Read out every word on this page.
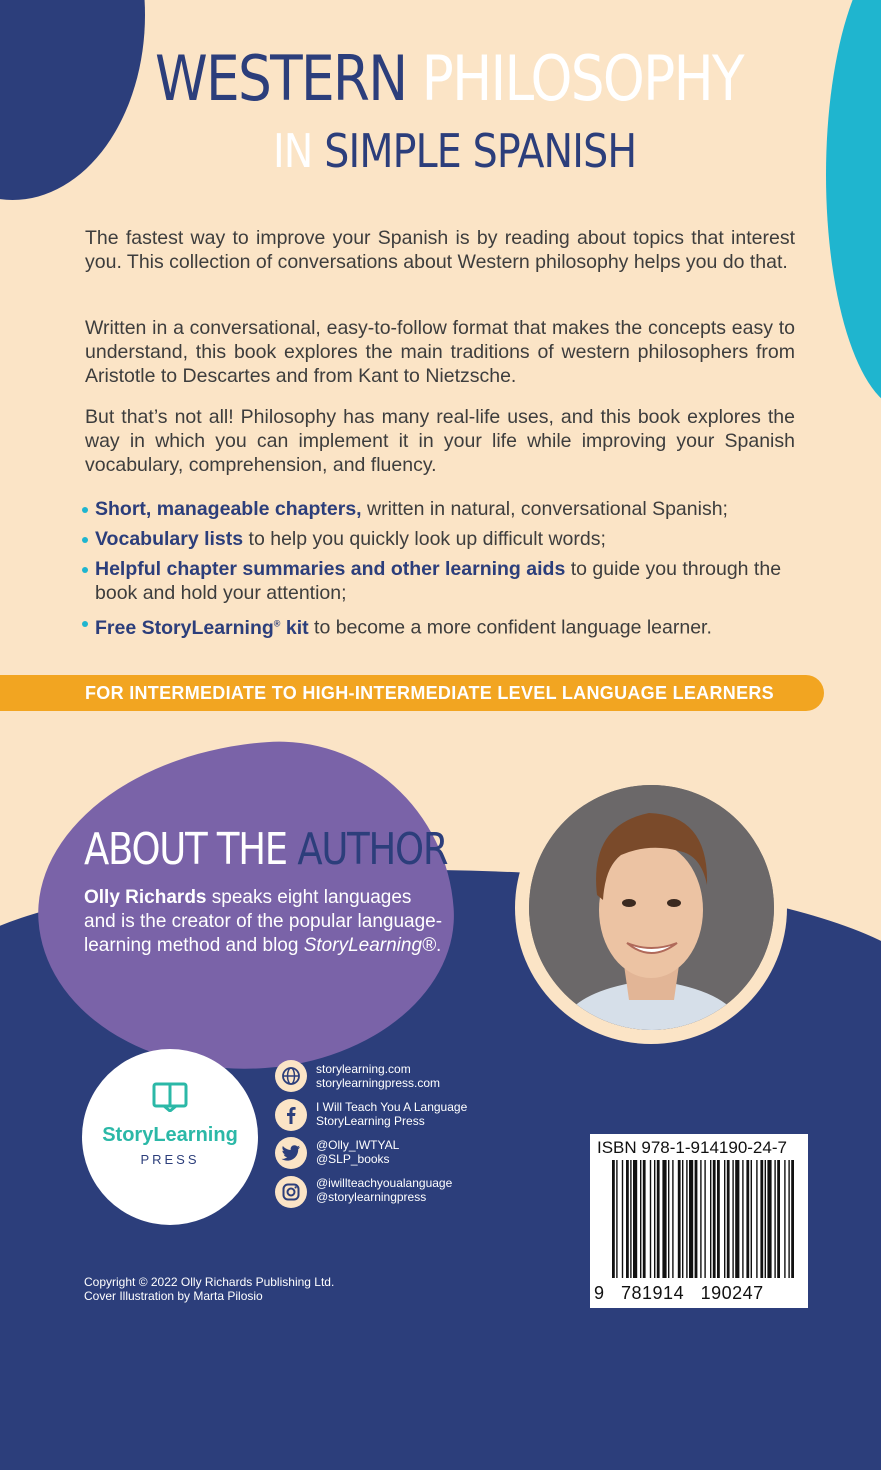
WESTERN PHILOSOPHY
IN SIMPLE SPANISH
The fastest way to improve your Spanish is by reading about topics that interest you. This collection of conversations about Western philosophy helps you do that.
Written in a conversational, easy-to-follow format that makes the concepts easy to understand, this book explores the main traditions of western philosophers from Aristotle to Descartes and from Kant to Nietzsche.
But that’s not all! Philosophy has many real-life uses, and this book explores the way in which you can implement it in your life while improving your Spanish vocabulary, comprehension, and fluency.
Short, manageable chapters, written in natural, conversational Spanish;
Vocabulary lists to help you quickly look up difficult words;
Helpful chapter summaries and other learning aids to guide you through the book and hold your attention;
Free StoryLearning® kit to become a more confident language learner.
FOR INTERMEDIATE TO HIGH-INTERMEDIATE LEVEL LANGUAGE LEARNERS
ABOUT THE AUTHOR
Olly Richards speaks eight languages and is the creator of the popular language-learning method and blog StoryLearning®.
StoryLearning
PRESS
storylearning.com
storylearningpress.com
I Will Teach You A Language
StoryLearning Press
@Olly_IWTYAL
@SLP_books
@iwillteachyoualanguage
@storylearningpress
Copyright © 2022 Olly Richards Publishing Ltd.
Cover Illustration by Marta Pilosio
ISBN 978-1-914190-24-7
9   781914   190247
